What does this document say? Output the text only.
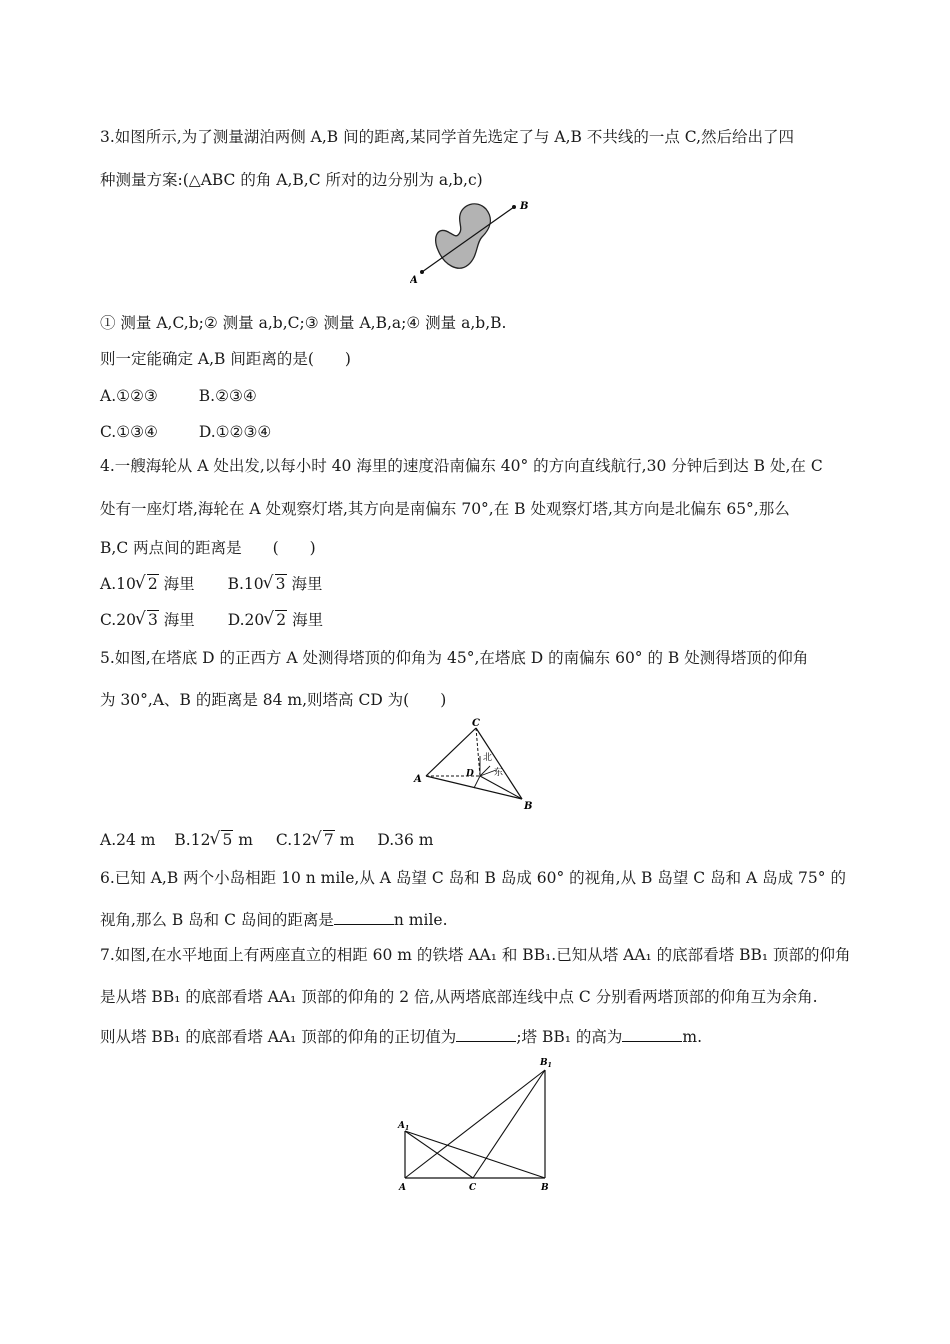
3.如图所示,为了测量湖泊两侧 A,B 间的距离,某同学首先选定了与 A,B 不共线的一点 C,然后给出了四
种测量方案:(△ABC 的角 A,B,C 所对的边分别为 a,b,c)
A
B
① 测量 A,C,b;② 测量 a,b,C;③ 测量 A,B,a;④ 测量 a,b,B.
则一定能确定 A,B 间距离的是(　　)
A.①②③	B.②③④
C.①③④	D.①②③④
4.一艘海轮从 A 处出发,以每小时 40 海里的速度沿南偏东 40° 的方向直线航行,30 分钟后到达 B 处,在 C
处有一座灯塔,海轮在 A 处观察灯塔,其方向是南偏东 70°,在 B 处观察灯塔,其方向是北偏东 65°,那么
B,C 两点间的距离是　　(　　)
A.10 √ 2 海里 B.10 √ 3 海里
C.20 √ 3 海里 D.20 √ 2 海里
5.如图,在塔底 D 的正西方 A 处测得塔顶的仰角为 45°,在塔底 D 的南偏东 60° 的 B 处测得塔顶的仰角
为 30°,A、B 的距离是 84 m,则塔高 CD 为(　　)
C
A
B
D
北
东
A.24 m B.12 √ 5 m C.12 √ 7 m D.36 m
6.已知 A,B 两个小岛相距 10 n mile,从 A 岛望 C 岛和 B 岛成 60° 的视角,从 B 岛望 C 岛和 A 岛成 75° 的
视角,那么 B 岛和 C 岛间的距离是	n mile.
7.如图,在水平地面上有两座直立的相距 60 m 的铁塔 AA₁ 和 BB₁.已知从塔 AA₁ 的底部看塔 BB₁ 顶部的仰角
是从塔 BB₁ 的底部看塔 AA₁ 顶部的仰角的 2 倍,从两塔底部连线中点 C 分别看两塔顶部的仰角互为余角.
则从塔 BB₁ 的底部看塔 AA₁ 顶部的仰角的正切值为	;塔 BB₁ 的高为	m.
$A_1$
$B_1$
A	C	B
